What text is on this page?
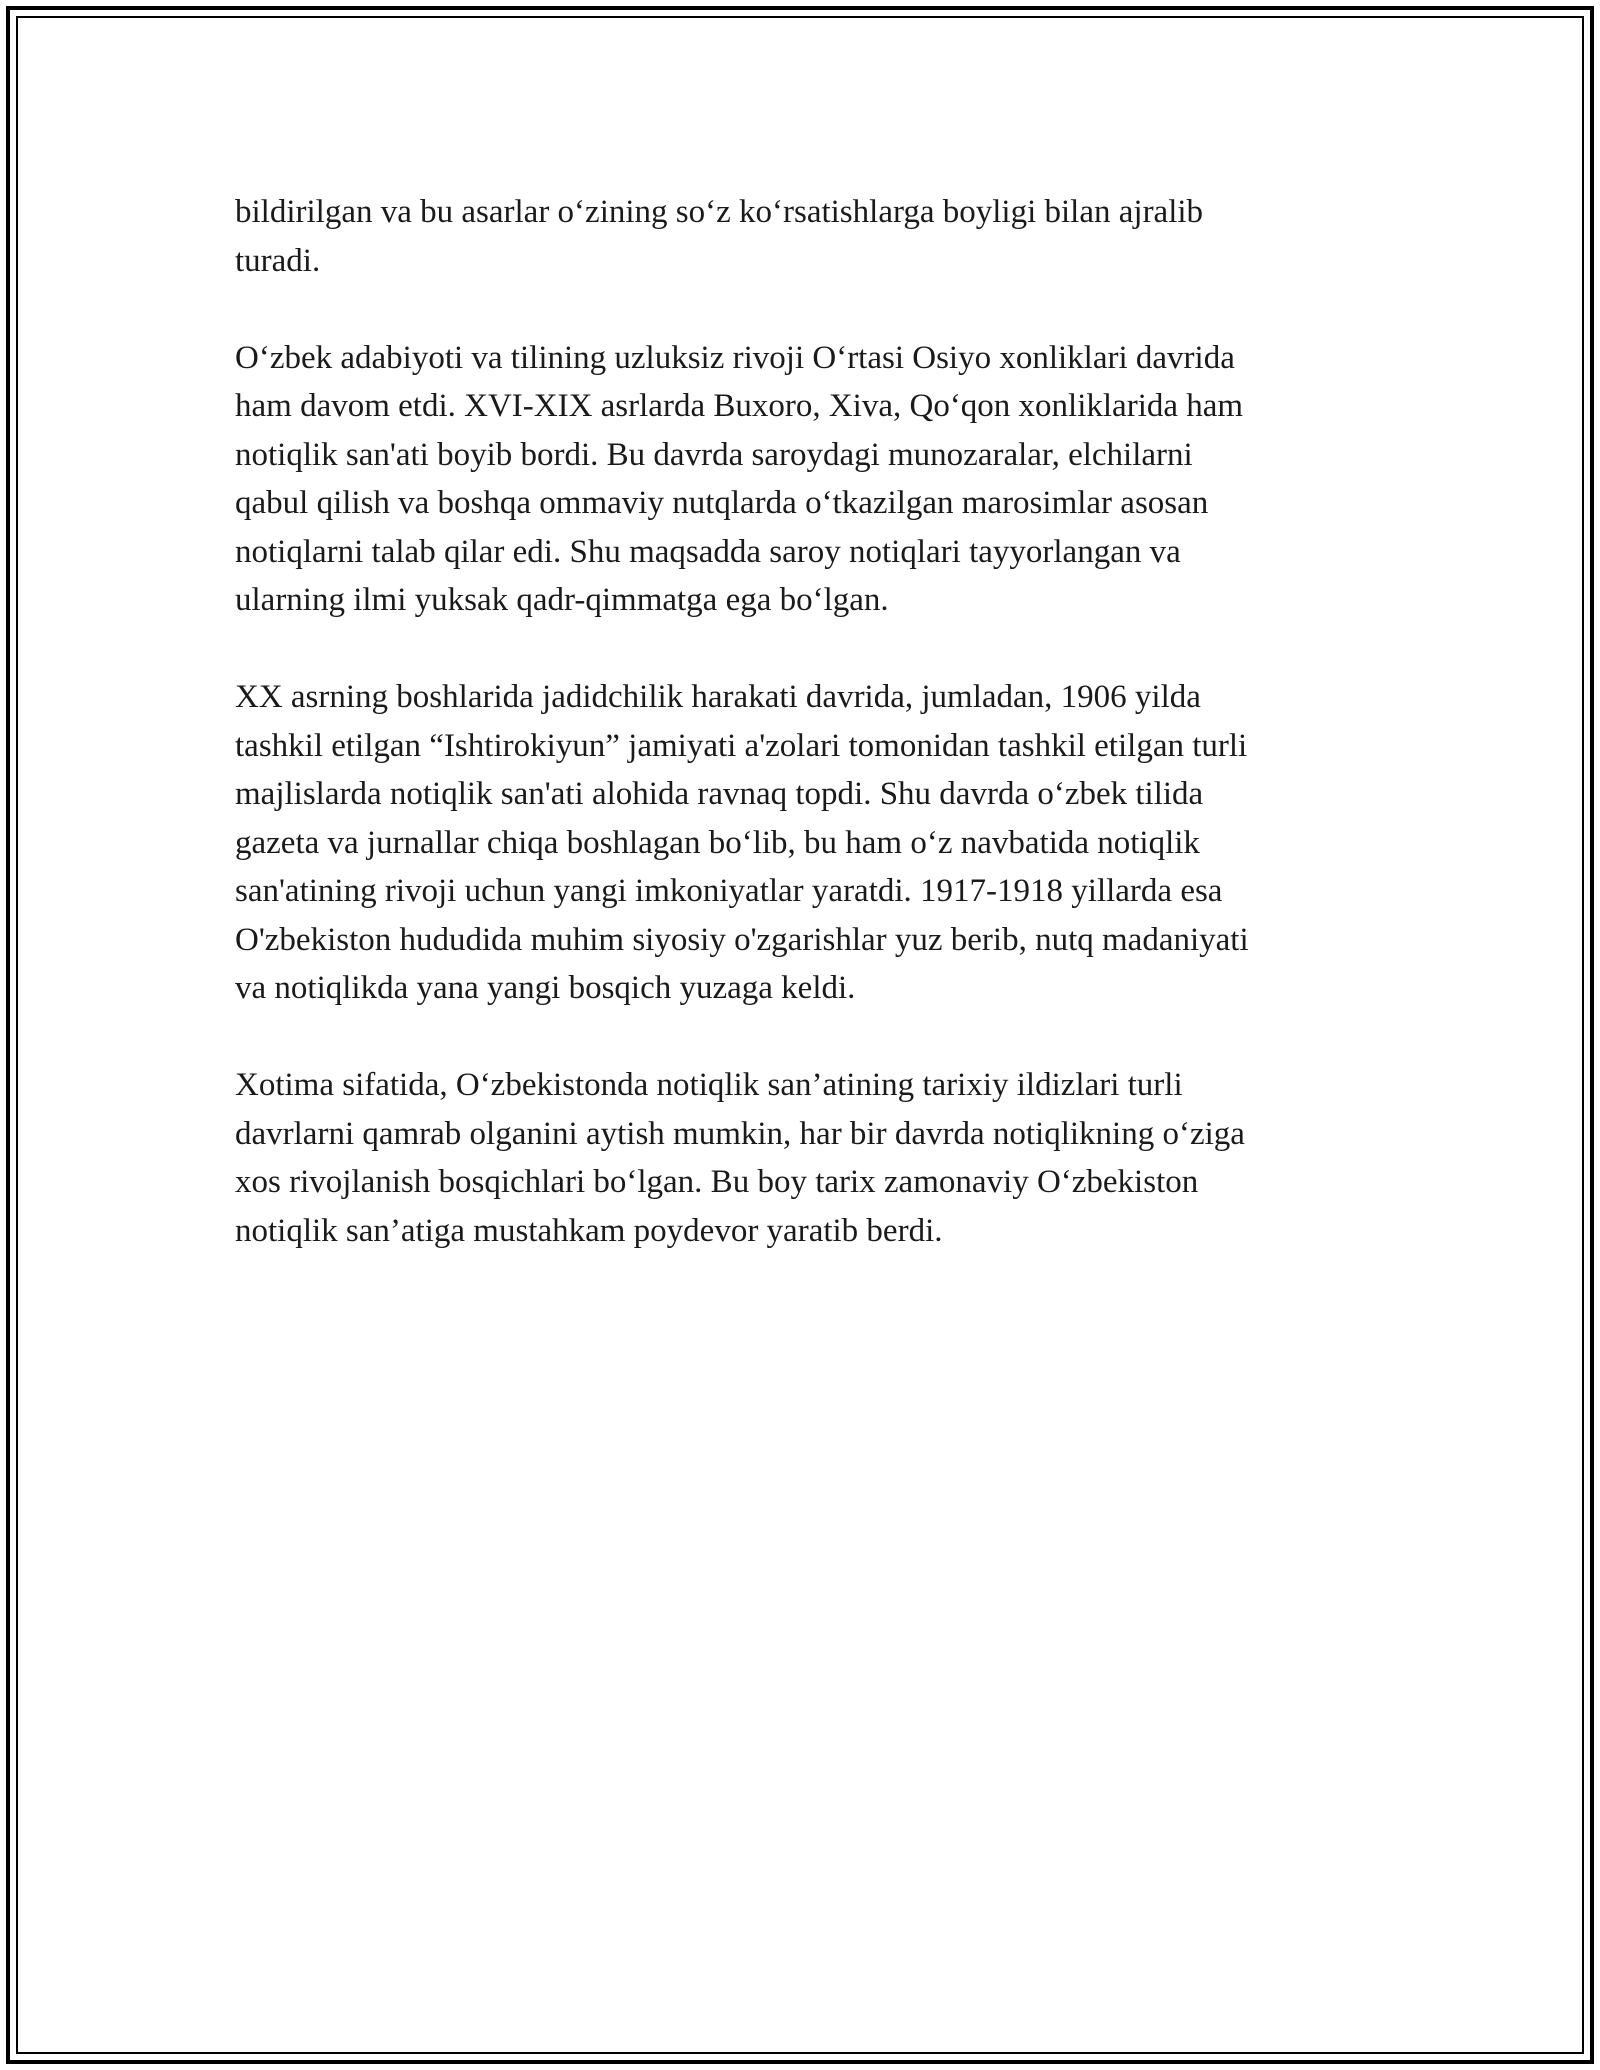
bildirilgan va bu asarlar o‘zining so‘z ko‘rsatishlarga boyligi bilan ajralib
turadi.

O‘zbek adabiyoti va tilining uzluksiz rivoji O‘rtasi Osiyo xonliklari davrida
ham davom etdi. XVI-XIX asrlarda Buxoro, Xiva, Qo‘qon xonliklarida ham
notiqlik san'ati boyib bordi. Bu davrda saroydagi munozaralar, elchilarni
qabul qilish va boshqa ommaviy nutqlarda o‘tkazilgan marosimlar asosan
notiqlarni talab qilar edi. Shu maqsadda saroy notiqlari tayyorlangan va
ularning ilmi yuksak qadr-qimmatga ega bo‘lgan.

XX asrning boshlarida jadidchilik harakati davrida, jumladan, 1906 yilda
tashkil etilgan “Ishtirokiyun” jamiyati a'zolari tomonidan tashkil etilgan turli
majlislarda notiqlik san'ati alohida ravnaq topdi. Shu davrda o‘zbek tilida
gazeta va jurnallar chiqa boshlagan bo‘lib, bu ham o‘z navbatida notiqlik
san'atining rivoji uchun yangi imkoniyatlar yaratdi. 1917-1918 yillarda esa
O'zbekiston hududida muhim siyosiy o'zgarishlar yuz berib, nutq madaniyati
va notiqlikda yana yangi bosqich yuzaga keldi.

Xotima sifatida, O‘zbekistonda notiqlik san’atining tarixiy ildizlari turli
davrlarni qamrab olganini aytish mumkin, har bir davrda notiqlikning o‘ziga
xos rivojlanish bosqichlari bo‘lgan. Bu boy tarix zamonaviy O‘zbekiston
notiqlik san’atiga mustahkam poydevor yaratib berdi.
